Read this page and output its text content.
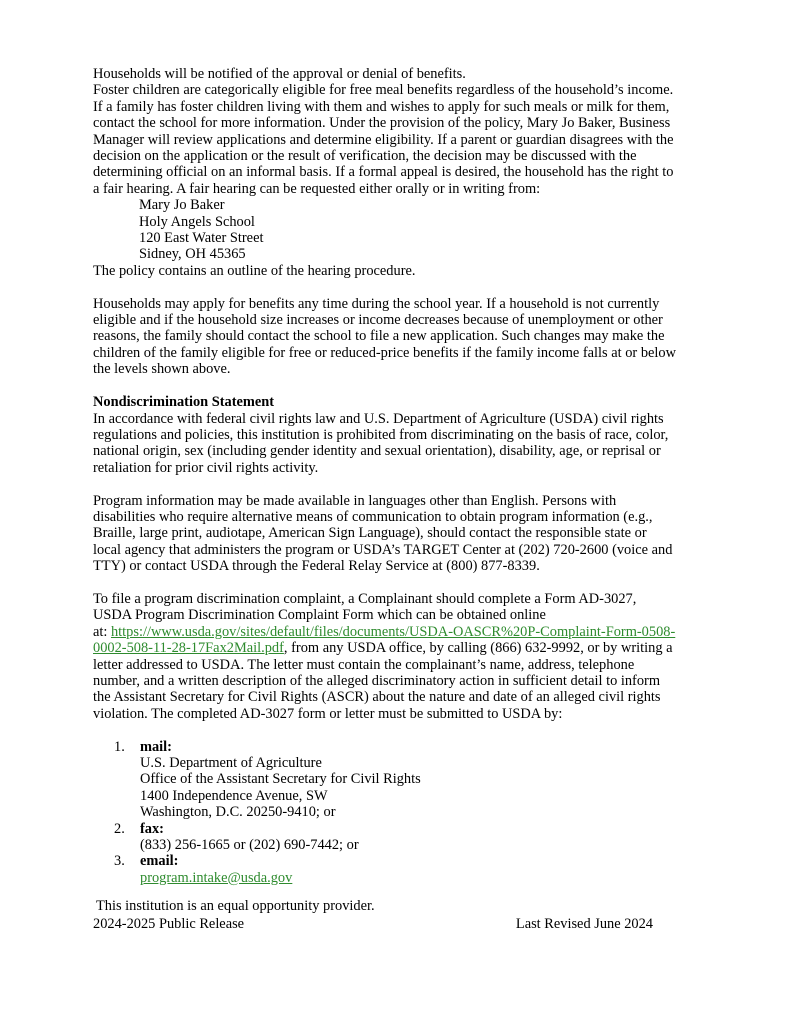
Households will be notified of the approval or denial of benefits.

Foster children are categorically eligible for free meal benefits regardless of the household’s income.

If a family has foster children living with them and wishes to apply for such meals or milk for them,

contact the school for more information. Under the provision of the policy, Mary Jo Baker, Business

Manager will review applications and determine eligibility. If a parent or guardian disagrees with the

decision on the application or the result of verification, the decision may be discussed with the

determining official on an informal basis. If a formal appeal is desired, the household has the right to

a fair hearing. A fair hearing can be requested either orally or in writing from:

Mary Jo Baker

Holy Angels School

120 East Water Street

Sidney, OH 45365

The policy contains an outline of the hearing procedure.

Households may apply for benefits any time during the school year. If a household is not currently

eligible and if the household size increases or income decreases because of unemployment or other

reasons, the family should contact the school to file a new application. Such changes may make the

children of the family eligible for free or reduced-price benefits if the family income falls at or below

the levels shown above.

Nondiscrimination Statement

In accordance with federal civil rights law and U.S. Department of Agriculture (USDA) civil rights

regulations and policies, this institution is prohibited from discriminating on the basis of race, color,

national origin, sex (including gender identity and sexual orientation), disability, age, or reprisal or

retaliation for prior civil rights activity.

Program information may be made available in languages other than English. Persons with

disabilities who require alternative means of communication to obtain program information (e.g.,

Braille, large print, audiotape, American Sign Language), should contact the responsible state or

local agency that administers the program or USDA’s TARGET Center at (202) 720-2600 (voice and

TTY) or contact USDA through the Federal Relay Service at (800) 877-8339.

To file a program discrimination complaint, a Complainant should complete a Form AD-3027,

USDA Program Discrimination Complaint Form which can be obtained online

at: https://www.usda.gov/sites/default/files/documents/USDA-OASCR%20P-Complaint-Form-0508-

0002-508-11-28-17Fax2Mail.pdf, from any USDA office, by calling (866) 632-9992, or by writing a

letter addressed to USDA. The letter must contain the complainant’s name, address, telephone

number, and a written description of the alleged discriminatory action in sufficient detail to inform

the Assistant Secretary for Civil Rights (ASCR) about the nature and date of an alleged civil rights

violation. The completed AD-3027 form or letter must be submitted to USDA by:

1. mail:

U.S. Department of Agriculture

Office of the Assistant Secretary for Civil Rights

1400 Independence Avenue, SW

Washington, D.C. 20250-9410; or

2. fax:

(833) 256-1665 or (202) 690-7442; or

3. email:

program.intake@usda.gov

This institution is an equal opportunity provider.

2024-2025 Public Release	Last Revised June 2024
